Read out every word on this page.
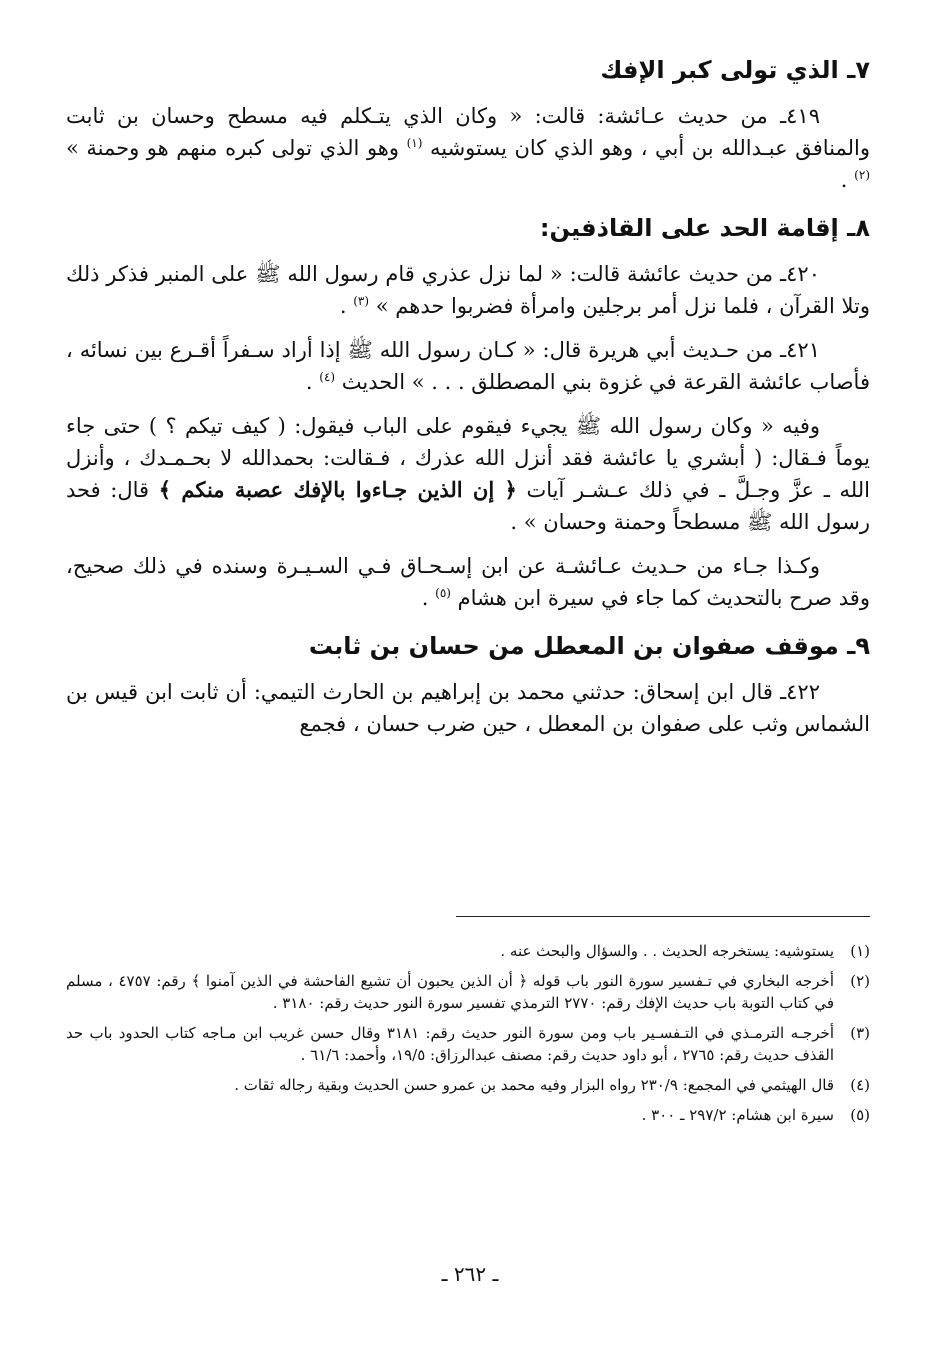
٧ـ الذي تولى كبر الإفك

٤١٩ـ من حديث عـائشة: قالت: « وكان الذي يتـكلم فيه مسطح وحسان بن ثابت والمنافق عبـدالله بن أبي ، وهو الذي كان يستوشيه $^{(١)}$ وهو الذي تولى كبره منهم هو وحمنة » $^{(٢)}$ .

٨ـ إقامة الحد على القاذفين:

٤٢٠ـ من حديث عائشة قالت: « لما نزل عذري قام رسول الله ﷺ على المنبر فذكر ذلك وتلا القرآن ، فلما نزل أمر برجلين وامرأة فضربوا حدهم » $^{(٣)}$ .

٤٢١ـ من حـديث أبي هريرة قال: « كـان رسول الله ﷺ إذا أراد سـفراً أقـرع بين نسائه ، فأصاب عائشة القرعة في غزوة بني المصطلق . . . » الحديث $^{(٤)}$ .

وفيه « وكان رسول الله ﷺ يجيء فيقوم على الباب فيقول: ( كيف تيكم ؟ ) حتى جاء يوماً فـقال: ( أبشري يا عائشة فقد أنزل الله عذرك ، فـقالت: بحمدالله لا بحـمـدك ، وأنزل الله ـ عزَّ وجـلَّ ـ في ذلك عـشـر آيات ﴿ إن الذين جـاءوا بالإفك عصبة منكم ﴾ قال: فحد رسول الله ﷺ مسطحاً وحمنة وحسان » .

وكـذا جـاء من حـديث عـائشـة عن ابن إسـحـاق فـي السـيـرة وسنده في ذلك صحيح، وقد صرح بالتحديث كما جاء في سيرة ابن هشام $^{(٥)}$ .

٩ـ موقف صفوان بن المعطل من حسان بن ثابت

٤٢٢ـ قال ابن إسحاق: حدثني محمد بن إبراهيم بن الحارث التيمي: أن ثابت ابن قيس بن الشماس وثب على صفوان بن المعطل ، حين ضرب حسان ، فجمع

(١)
يستوشيه: يستخرجه الحديث . . والسؤال والبحث عنه .
(٢)
أخرجه البخاري في تـفسير سورة النور باب قوله ﴿ أن الذين يحبون أن تشيع الفاحشة في الذين آمنوا ﴾ رقم: ٤٧٥٧ ، مسلم في كتاب التوبة باب حديث الإفك رقم: ٢٧٧٠ الترمذي تفسير سورة النور حديث رقم: ٣١٨٠ .
(٣)
أخرجـه الترمـذي في التـفسـير باب ومن سورة النور حديث رقم: ٣١٨١ وقال حسن غريب ابن مـاجه كتاب الحدود باب حد القذف حديث رقم: ٢٧٦٥ ، أبو داود حديث رقم: مصنف عبدالرزاق: ١٩/٥، وأحمد: ٦١/٦ .
(٤)
قال الهيثمي في المجمع: ٢٣٠/٩ رواه البزار وفيه محمد بن عمرو حسن الحديث وبقية رجاله ثقات .
(٥)
سيرة ابن هشام: ٢٩٧/٢ ـ ٣٠٠ .
ـ ٢٦٢ ـ
